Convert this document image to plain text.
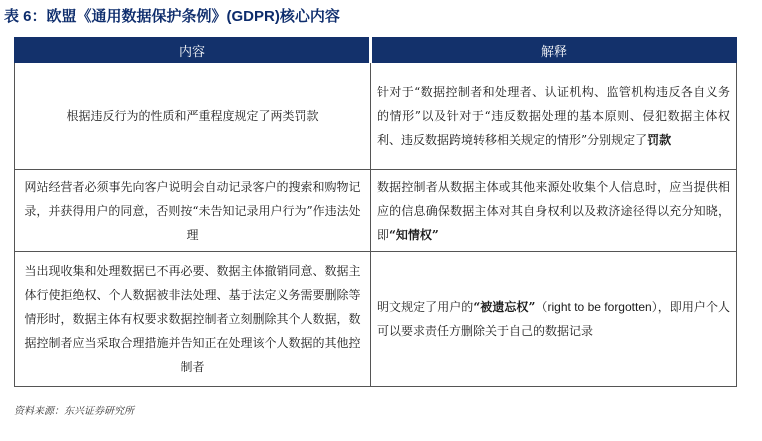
表 6：欧盟《通用数据保护条例》(GDPR)核心内容
内容	解释
根据违反行为的性质和严重程度规定了两类罚款	针对于“数据控制者和处理者、认证机构、监管机构违反各自义务的情形”以及针对于“违反数据处理的基本原则、侵犯数据主体权利、违反数据跨境转移相关规定的情形”分别规定了罚款
网站经营者必须事先向客户说明会自动记录客户的搜索和购物记录，并获得用户的同意，否则按“未告知记录用户行为”作违法处理	数据控制者从数据主体或其他来源处收集个人信息时，应当提供相应的信息确保数据主体对其自身权利以及救济途径得以充分知晓，即“知情权”
当出现收集和处理数据已不再必要、数据主体撤销同意、数据主体行使拒绝权、个人数据被非法处理、基于法定义务需要删除等情形时，数据主体有权要求数据控制者立刻删除其个人数据，数据控制者应当采取合理措施并告知正在处理该个人数据的其他控制者	明文规定了用户的“被遗忘权”（right to be forgotten），即用户个人可以要求责任方删除关于自己的数据记录
资料来源：东兴证券研究所
